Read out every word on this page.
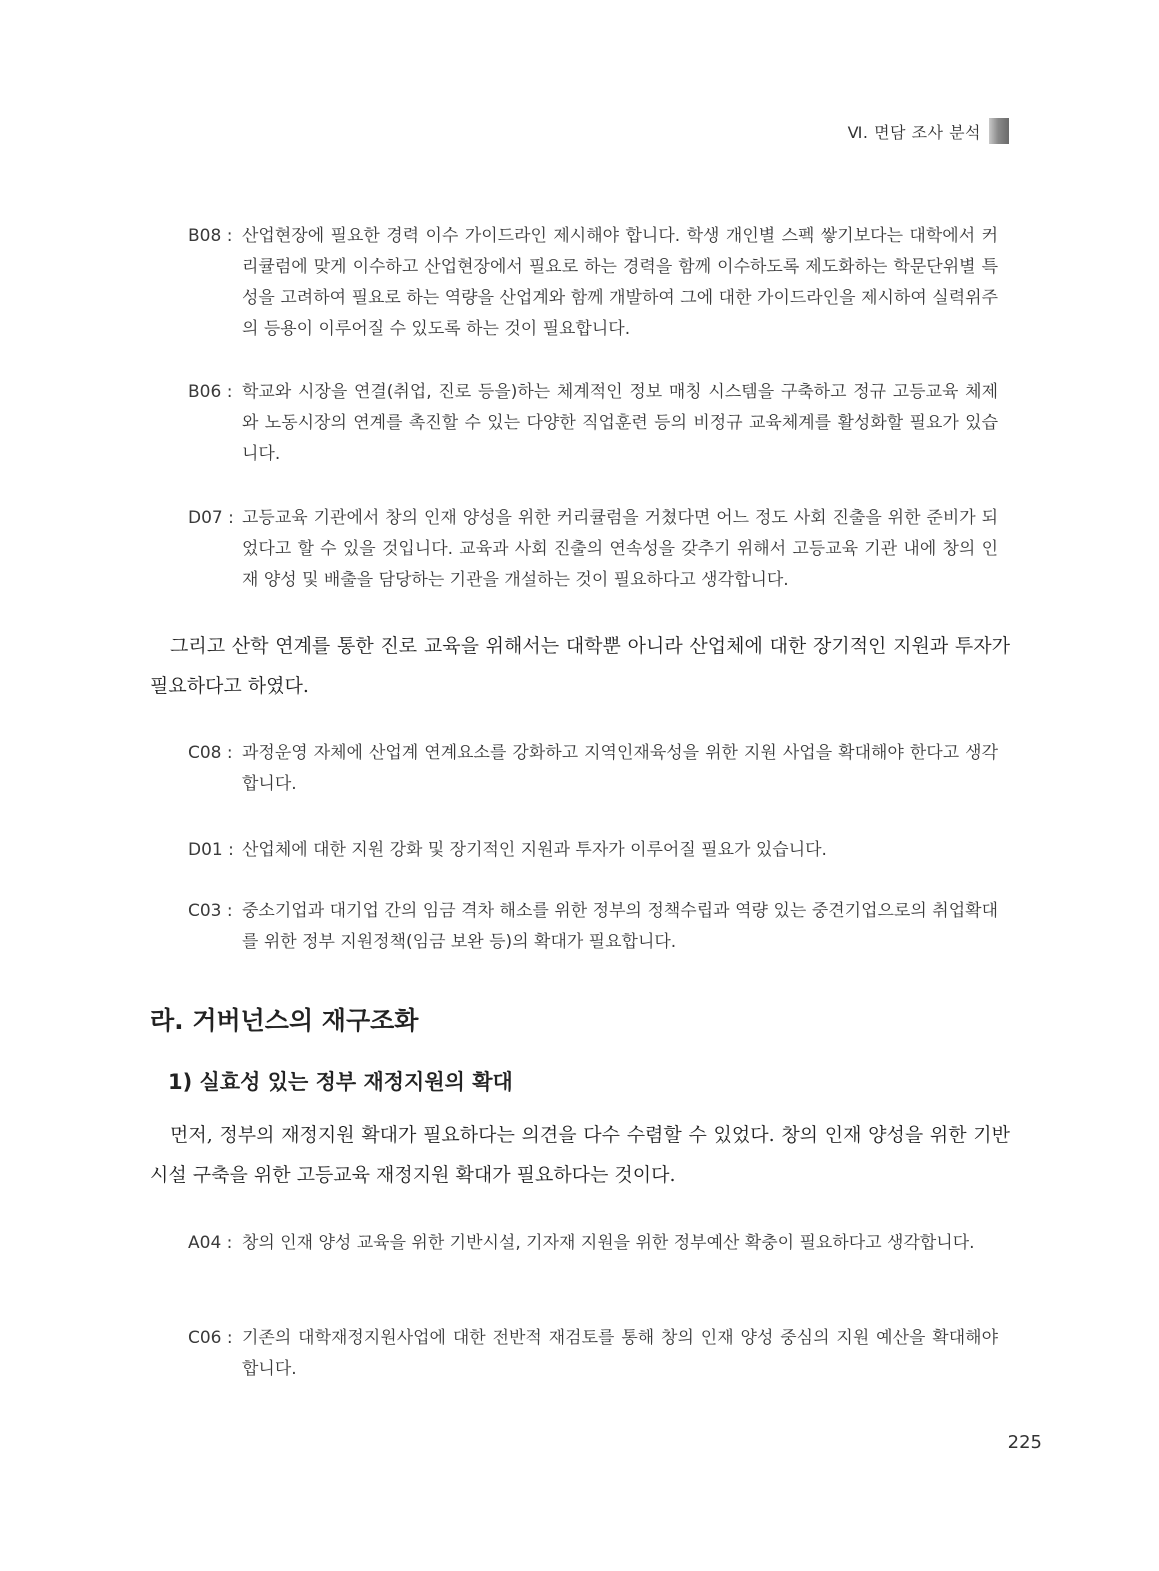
Ⅵ. 면담 조사 분석
B08 : 산업현장에 필요한 경력 이수 가이드라인 제시해야 합니다. 학생 개인별 스펙 쌓기보다는 대학에서 커리큘럼에 맞게 이수하고 산업현장에서 필요로 하는 경력을 함께 이수하도록 제도화하는 학문단위별 특성을 고려하여 필요로 하는 역량을 산업계와 함께 개발하여 그에 대한 가이드라인을 제시하여 실력위주의 등용이 이루어질 수 있도록 하는 것이 필요합니다.
B06 : 학교와 시장을 연결(취업, 진로 등을)하는 체계적인 정보 매칭 시스템을 구축하고 정규 고등교육 체제와 노동시장의 연계를 촉진할 수 있는 다양한 직업훈련 등의 비정규 교육체계를 활성화할 필요가 있습니다.
D07 : 고등교육 기관에서 창의 인재 양성을 위한 커리큘럼을 거쳤다면 어느 정도 사회 진출을 위한 준비가 되었다고 할 수 있을 것입니다. 교육과 사회 진출의 연속성을 갖추기 위해서 고등교육 기관 내에 창의 인재 양성 및 배출을 담당하는 기관을 개설하는 것이 필요하다고 생각합니다.
그리고 산학 연계를 통한 진로 교육을 위해서는 대학뿐 아니라 산업체에 대한 장기적인 지원과 투자가 필요하다고 하였다.
C08 : 과정운영 자체에 산업계 연계요소를 강화하고 지역인재육성을 위한 지원 사업을 확대해야 한다고 생각합니다.
D01 : 산업체에 대한 지원 강화 및 장기적인 지원과 투자가 이루어질 필요가 있습니다.
C03 : 중소기업과 대기업 간의 임금 격차 해소를 위한 정부의 정책수립과 역량 있는 중견기업으로의 취업확대를 위한 정부 지원정책(임금 보완 등)의 확대가 필요합니다.
라. 거버넌스의 재구조화
1) 실효성 있는 정부 재정지원의 확대
먼저, 정부의 재정지원 확대가 필요하다는 의견을 다수 수렴할 수 있었다. 창의 인재 양성을 위한 기반 시설 구축을 위한 고등교육 재정지원 확대가 필요하다는 것이다.
A04 : 창의 인재 양성 교육을 위한 기반시설, 기자재 지원을 위한 정부예산 확충이 필요하다고 생각합니다.
C06 : 기존의 대학재정지원사업에 대한 전반적 재검토를 통해 창의 인재 양성 중심의 지원 예산을 확대해야 합니다.
225
